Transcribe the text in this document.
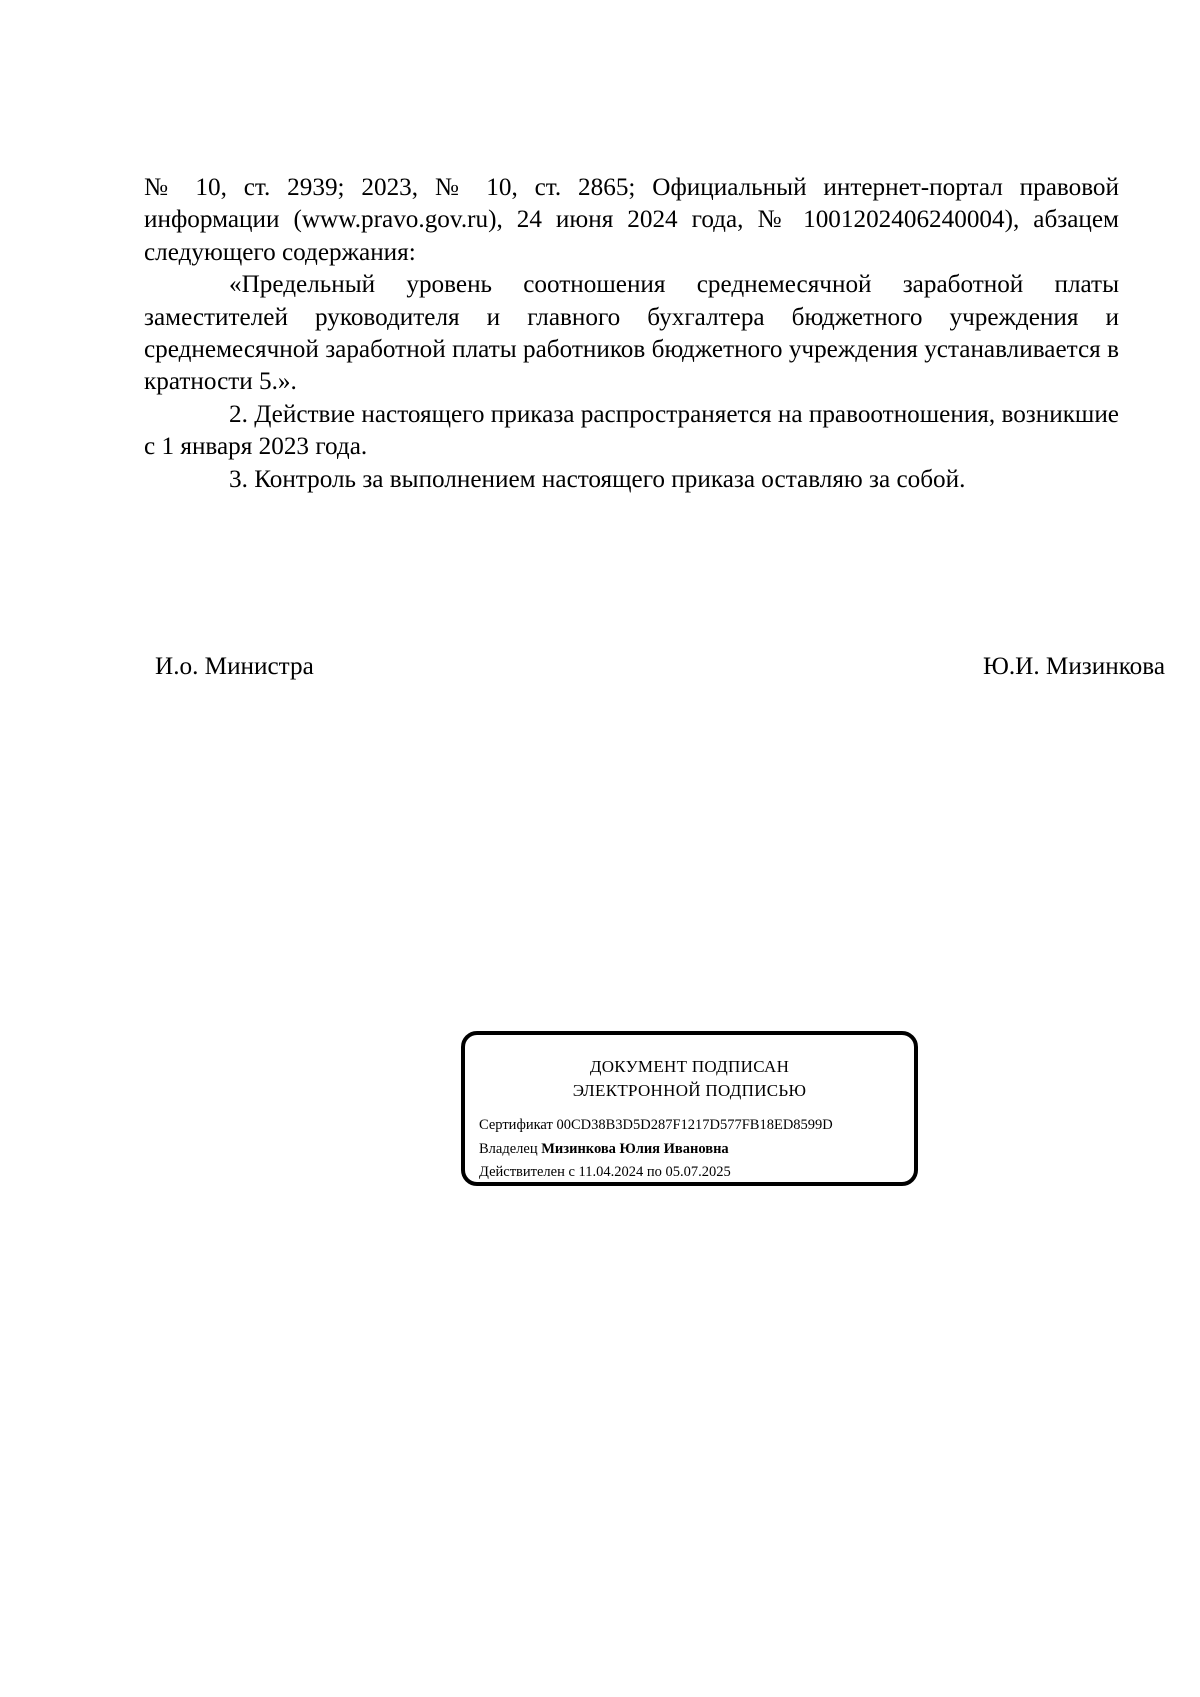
№ 10, ст. 2939; 2023, № 10, ст. 2865; Официальный интернет-портал правовой информации (www.pravo.gov.ru), 24 июня 2024 года, № 1001202406240004), абзацем следующего содержания:

«Предельный уровень соотношения среднемесячной заработной платы заместителей руководителя и главного бухгалтера бюджетного учреждения и среднемесячной заработной платы работников бюджетного учреждения устанавливается в кратности 5.».

2. Действие настоящего приказа распространяется на правоотношения, возникшие с 1 января 2023 года.

3. Контроль за выполнением настоящего приказа оставляю за собой.

И.о. Министра	Ю.И. Мизинкова
ДОКУМЕНТ ПОДПИСАН
ЭЛЕКТРОННОЙ ПОДПИСЬЮ
Сертификат 00CD38B3D5D287F1217D577FB18ED8599D
Владелец Мизинкова Юлия Ивановна
Действителен с 11.04.2024 по 05.07.2025
